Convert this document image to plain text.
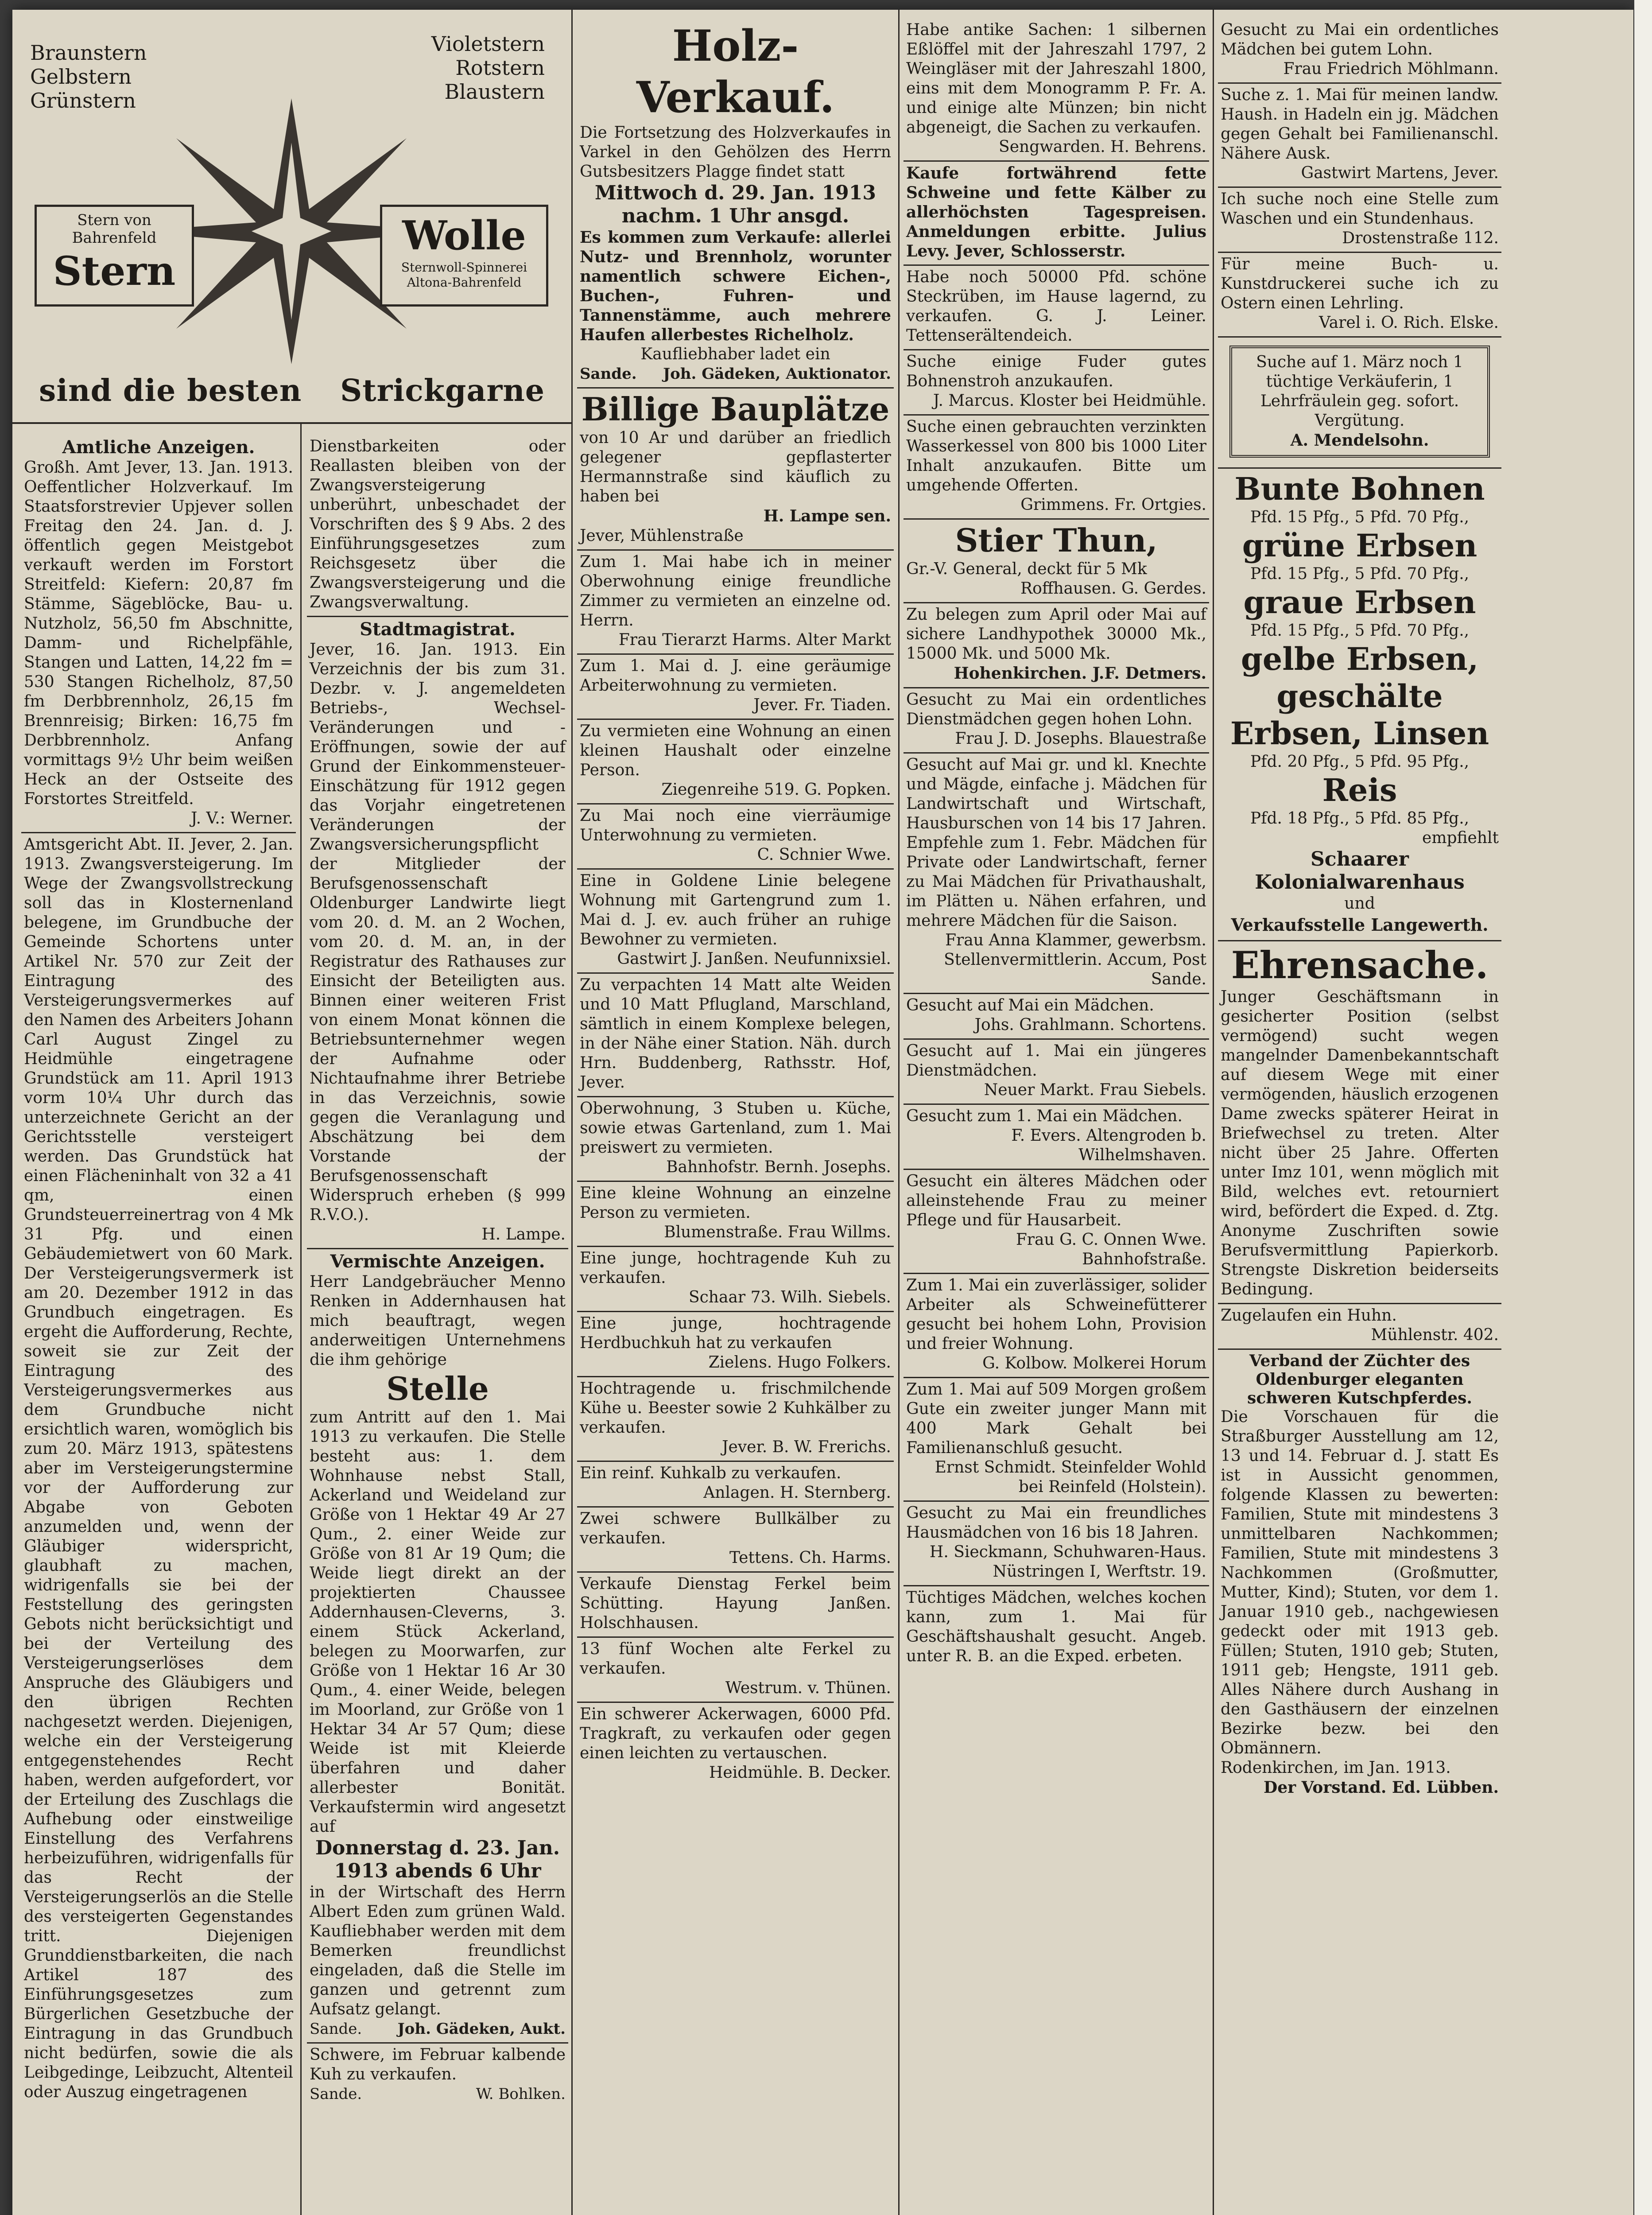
Braunstern
Gelbstern
Grünstern
Violetstern
Rotstern
Blaustern
Stern von Bahrenfeld
Stern
Wolle
Sternwoll-Spinnerei Altona-Bahrenfeld
sind die besten Strickgarne
Amtliche Anzeigen.

Großh. Amt Jever, 13. Jan. 1913. Oeffentlicher Holzverkauf. Im Staatsforstrevier Upjever sollen Freitag den 24. Jan. d. J. öffentlich gegen Meistgebot verkauft werden im Forstort Streitfeld: Kiefern: 20,87 fm Stämme, Sägeblöcke, Bau- u. Nutzholz, 56,50 fm Abschnitte, Damm- und Richelpfähle, Stangen und Latten, 14,22 fm = 530 Stangen Richelholz, 87,50 fm Derbbrennholz, 26,15 fm Brennreisig; Birken: 16,75 fm Derbbrennholz. Anfang vormittags 9½ Uhr beim weißen Heck an der Ostseite des Forstortes Streitfeld.

J. V.: Werner.

Amtsgericht Abt. II. Jever, 2. Jan. 1913. Zwangsversteigerung. Im Wege der Zwangsvollstreckung soll das in Klosternenland belegene, im Grundbuche der Gemeinde Schortens unter Artikel Nr. 570 zur Zeit der Eintragung des Versteigerungsvermerkes auf den Namen des Arbeiters Johann Carl August Zingel zu Heidmühle eingetragene Grundstück am 11. April 1913 vorm 10¼ Uhr durch das unterzeichnete Gericht an der Gerichtsstelle versteigert werden. Das Grundstück hat einen Flächeninhalt von 32 a 41 qm, einen Grundsteuerreinertrag von 4 Mk 31 Pfg. und einen Gebäudemietwert von 60 Mark. Der Versteigerungsvermerk ist am 20. Dezember 1912 in das Grundbuch eingetragen. Es ergeht die Aufforderung, Rechte, soweit sie zur Zeit der Eintragung des Versteigerungsvermerkes aus dem Grundbuche nicht ersichtlich waren, womöglich bis zum 20. März 1913, spätestens aber im Versteigerungstermine vor der Aufforderung zur Abgabe von Geboten anzumelden und, wenn der Gläubiger widerspricht, glaubhaft zu machen, widrigenfalls sie bei der Feststellung des geringsten Gebots nicht berücksichtigt und bei der Verteilung des Versteigerungserlöses dem Anspruche des Gläubigers und den übrigen Rechten nachgesetzt werden. Diejenigen, welche ein der Versteigerung entgegenstehendes Recht haben, werden aufgefordert, vor der Erteilung des Zuschlags die Aufhebung oder einstweilige Einstellung des Verfahrens herbeizuführen, widrigenfalls für das Recht der Versteigerungserlös an die Stelle des versteigerten Gegenstandes tritt. Diejenigen Grunddienstbarkeiten, die nach Artikel 187 des Einführungsgesetzes zum Bürgerlichen Gesetzbuche der Eintragung in das Grundbuch nicht bedürfen, sowie die als Leibgedinge, Leibzucht, Altenteil oder Auszug eingetragenen

Dienstbarkeiten oder Reallasten bleiben von der Zwangsversteigerung unberührt, unbeschadet der Vorschriften des § 9 Abs. 2 des Einführungsgesetzes zum Reichsgesetz über die Zwangsversteigerung und die Zwangsverwaltung.

Stadtmagistrat.

Jever, 16. Jan. 1913. Ein Verzeichnis der bis zum 31. Dezbr. v. J. angemeldeten Betriebs-, Wechsel-Veränderungen und -Eröffnungen, sowie der auf Grund der Einkommensteuer-Einschätzung für 1912 gegen das Vorjahr eingetretenen Veränderungen der Zwangsversicherungspflicht der Mitglieder der Berufsgenossenschaft Oldenburger Landwirte liegt vom 20. d. M. an 2 Wochen, vom 20. d. M. an, in der Registratur des Rathauses zur Einsicht der Beteiligten aus. Binnen einer weiteren Frist von einem Monat können die Betriebsunternehmer wegen der Aufnahme oder Nichtaufnahme ihrer Betriebe in das Verzeichnis, sowie gegen die Veranlagung und Abschätzung bei dem Vorstande der Berufsgenossenschaft Widerspruch erheben (§ 999 R.V.O.).

H. Lampe.

Vermischte Anzeigen.

Herr Landgebräucher Menno Renken in Addernhausen hat mich beauftragt, wegen anderweitigen Unternehmens die ihm gehörige

Stelle

zum Antritt auf den 1. Mai 1913 zu verkaufen. Die Stelle besteht aus: 1. dem Wohnhause nebst Stall, Ackerland und Weideland zur Größe von 1 Hektar 49 Ar 27 Qum., 2. einer Weide zur Größe von 81 Ar 19 Qum; die Weide liegt direkt an der projektierten Chaussee Addernhausen-Cleverns, 3. einem Stück Ackerland, belegen zu Moorwarfen, zur Größe von 1 Hektar 16 Ar 30 Qum., 4. einer Weide, belegen im Moorland, zur Größe von 1 Hektar 34 Ar 57 Qum; diese Weide ist mit Kleierde überfahren und daher allerbester Bonität. Verkaufstermin wird angesetzt auf

Donnerstag d. 23. Jan. 1913 abends 6 Uhr

in der Wirtschaft des Herrn Albert Eden zum grünen Wald. Kaufliebhaber werden mit dem Bemerken freundlichst eingeladen, daß die Stelle im ganzen und getrennt zum Aufsatz gelangt.

Sande. Joh. Gädeken, Aukt.

Schwere, im Februar kalbende Kuh zu verkaufen.

Sande.	W. Bohlken.
Holz-Verkauf.

Die Fortsetzung des Holzverkaufes in Varkel in den Gehölzen des Herrn Gutsbesitzers Plagge findet statt

Mittwoch d. 29. Jan. 1913 nachm. 1 Uhr ansgd.

Es kommen zum Verkaufe: allerlei Nutz- und Brennholz, worunter namentlich schwere Eichen-, Buchen-, Fuhren- und Tannenstämme, auch mehrere Haufen allerbestes Richelholz.

Kaufliebhaber ladet ein

Sande. Joh. Gädeken, Auktionator.
Billige Bauplätze

von 10 Ar und darüber an friedlich gelegener gepflasterter Hermannstraße sind käuflich zu haben bei

H. Lampe sen.

Jever, Mühlenstraße

Zum 1. Mai habe ich in meiner Oberwohnung einige freundliche Zimmer zu vermieten an einzelne od. Herrn.

Frau Tierarzt Harms. Alter Markt

Zum 1. Mai d. J. eine geräumige Arbeiterwohnung zu vermieten.

Jever. Fr. Tiaden.

Zu vermieten eine Wohnung an einen kleinen Haushalt oder einzelne Person.

Ziegenreihe 519. G. Popken.

Zu Mai noch eine vierräumige Unterwohnung zu vermieten.

C. Schnier Wwe.

Eine in Goldene Linie belegene Wohnung mit Gartengrund zum 1. Mai d. J. ev. auch früher an ruhige Bewohner zu vermieten.

Gastwirt J. Janßen. Neufunnixsiel.

Zu verpachten 14 Matt alte Weiden und 10 Matt Pflugland, Marschland, sämtlich in einem Komplexe belegen, in der Nähe einer Station. Näh. durch Hrn. Buddenberg, Rathsstr. Hof, Jever.

Oberwohnung, 3 Stuben u. Küche, sowie etwas Gartenland, zum 1. Mai preiswert zu vermieten.

Bahnhofstr. Bernh. Josephs.

Eine kleine Wohnung an einzelne Person zu vermieten.

Blumenstraße. Frau Willms.

Eine junge, hochtragende Kuh zu verkaufen.

Schaar 73. Wilh. Siebels.

Eine junge, hochtragende Herdbuchkuh hat zu verkaufen

Zielens. Hugo Folkers.

Hochtragende u. frischmilchende Kühe u. Beester sowie 2 Kuhkälber zu verkaufen.

Jever. B. W. Frerichs.

Ein reinf. Kuhkalb zu verkaufen.

Anlagen. H. Sternberg.

Zwei schwere Bullkälber zu verkaufen.

Tettens. Ch. Harms.

Verkaufe Dienstag Ferkel beim Schütting. Hayung Janßen. Holschhausen.

13 fünf Wochen alte Ferkel zu verkaufen.

Westrum. v. Thünen.

Ein schwerer Ackerwagen, 6000 Pfd. Tragkraft, zu verkaufen oder gegen einen leichten zu vertauschen.

Heidmühle. B. Decker.

Habe antike Sachen: 1 silbernen Eßlöffel mit der Jahreszahl 1797, 2 Weingläser mit der Jahreszahl 1800, eins mit dem Monogramm P. Fr. A. und einige alte Münzen; bin nicht abgeneigt, die Sachen zu verkaufen.

Sengwarden. H. Behrens.

Kaufe fortwährend fette Schweine und fette Kälber zu allerhöchsten Tagespreisen. Anmeldungen erbitte. Julius Levy. Jever, Schlosserstr.

Habe noch 50000 Pfd. schöne Steckrüben, im Hause lagernd, zu verkaufen. G. J. Leiner. Tettenserältendeich.

Suche einige Fuder gutes Bohnenstroh anzukaufen.

J. Marcus. Kloster bei Heidmühle.

Suche einen gebrauchten verzinkten Wasserkessel von 800 bis 1000 Liter Inhalt anzukaufen. Bitte um umgehende Offerten.

Grimmens. Fr. Ortgies.

Stier Thun,

Gr.-V. General, deckt für 5 Mk

Roffhausen. G. Gerdes.

Zu belegen zum April oder Mai auf sichere Landhypothek 30000 Mk., 15000 Mk. und 5000 Mk.

Hohenkirchen. J.F. Detmers.

Gesucht zu Mai ein ordentliches Dienstmädchen gegen hohen Lohn.

Frau J. D. Josephs. Blauestraße

Gesucht auf Mai gr. und kl. Knechte und Mägde, einfache j. Mädchen für Landwirtschaft und Wirtschaft, Hausburschen von 14 bis 17 Jahren. Empfehle zum 1. Febr. Mädchen für Private oder Landwirtschaft, ferner zu Mai Mädchen für Privathaushalt, im Plätten u. Nähen erfahren, und mehrere Mädchen für die Saison.

Frau Anna Klammer, gewerbsm. Stellenvermittlerin. Accum, Post Sande.

Gesucht auf Mai ein Mädchen.

Johs. Grahlmann. Schortens.

Gesucht auf 1. Mai ein jüngeres Dienstmädchen.

Neuer Markt. Frau Siebels.

Gesucht zum 1. Mai ein Mädchen.

F. Evers. Altengroden b. Wilhelmshaven.

Gesucht ein älteres Mädchen oder alleinstehende Frau zu meiner Pflege und für Hausarbeit.

Frau G. C. Onnen Wwe. Bahnhofstraße.

Zum 1. Mai ein zuverlässiger, solider Arbeiter als Schweinefütterer gesucht bei hohem Lohn, Provision und freier Wohnung.

G. Kolbow. Molkerei Horum

Zum 1. Mai auf 509 Morgen großem Gute ein zweiter junger Mann mit 400 Mark Gehalt bei Familienanschluß gesucht.

Ernst Schmidt. Steinfelder Wohld bei Reinfeld (Holstein).

Gesucht zu Mai ein freundliches Hausmädchen von 16 bis 18 Jahren.

H. Sieckmann, Schuhwaren-Haus. Nüstringen I, Werftstr. 19.

Tüchtiges Mädchen, welches kochen kann, zum 1. Mai für Geschäftshaushalt gesucht. Angeb. unter R. B. an die Exped. erbeten.

Gesucht zu Mai ein ordentliches Mädchen bei gutem Lohn.

Frau Friedrich Möhlmann.

Suche z. 1. Mai für meinen landw. Haush. in Hadeln ein jg. Mädchen gegen Gehalt bei Familienanschl. Nähere Ausk.

Gastwirt Martens, Jever.

Ich suche noch eine Stelle zum Waschen und ein Stundenhaus.

Drostenstraße 112.

Für meine Buch- u. Kunstdruckerei suche ich zu Ostern einen Lehrling.

Varel i. O. Rich. Elske.

Suche auf 1. März noch 1 tüchtige Verkäuferin, 1 Lehrfräulein geg. sofort. Vergütung.

A. Mendelsohn.

Bunte Bohnen
Pfd. 15 Pfg., 5 Pfd. 70 Pfg.,
grüne Erbsen
Pfd. 15 Pfg., 5 Pfd. 70 Pfg.,
graue Erbsen
Pfd. 15 Pfg., 5 Pfd. 70 Pfg.,
gelbe Erbsen, geschälte Erbsen, Linsen
Pfd. 20 Pfg., 5 Pfd. 95 Pfg.,
Reis
Pfd. 18 Pfg., 5 Pfd. 85 Pfg.,
empfiehlt
Schaarer Kolonialwarenhaus
und
Verkaufsstelle Langewerth.
Ehrensache.

Junger Geschäftsmann in gesicherter Position (selbst vermögend) sucht wegen mangelnder Damenbekanntschaft auf diesem Wege mit einer vermögenden, häuslich erzogenen Dame zwecks späterer Heirat in Briefwechsel zu treten. Alter nicht über 25 Jahre. Offerten unter Imz 101, wenn möglich mit Bild, welches evt. retourniert wird, befördert die Exped. d. Ztg. Anonyme Zuschriften sowie Berufsvermittlung Papierkorb. Strengste Diskretion beiderseits Bedingung.

Zugelaufen ein Huhn.

Mühlenstr. 402.

Verband der Züchter des Oldenburger eleganten schweren Kutschpferdes.

Die Vorschauen für die Straßburger Ausstellung am 12, 13 und 14. Februar d. J. statt Es ist in Aussicht genommen, folgende Klassen zu bewerten: Familien, Stute mit mindestens 3 unmittelbaren Nachkommen; Familien, Stute mit mindestens 3 Nachkommen (Großmutter, Mutter, Kind); Stuten, vor dem 1. Januar 1910 geb., nachgewiesen gedeckt oder mit 1913 geb. Füllen; Stuten, 1910 geb; Stuten, 1911 geb; Hengste, 1911 geb. Alles Nähere durch Aushang in den Gasthäusern der einzelnen Bezirke bezw. bei den Obmännern.

Rodenkirchen, im Jan. 1913.

Der Vorstand. Ed. Lübben.
